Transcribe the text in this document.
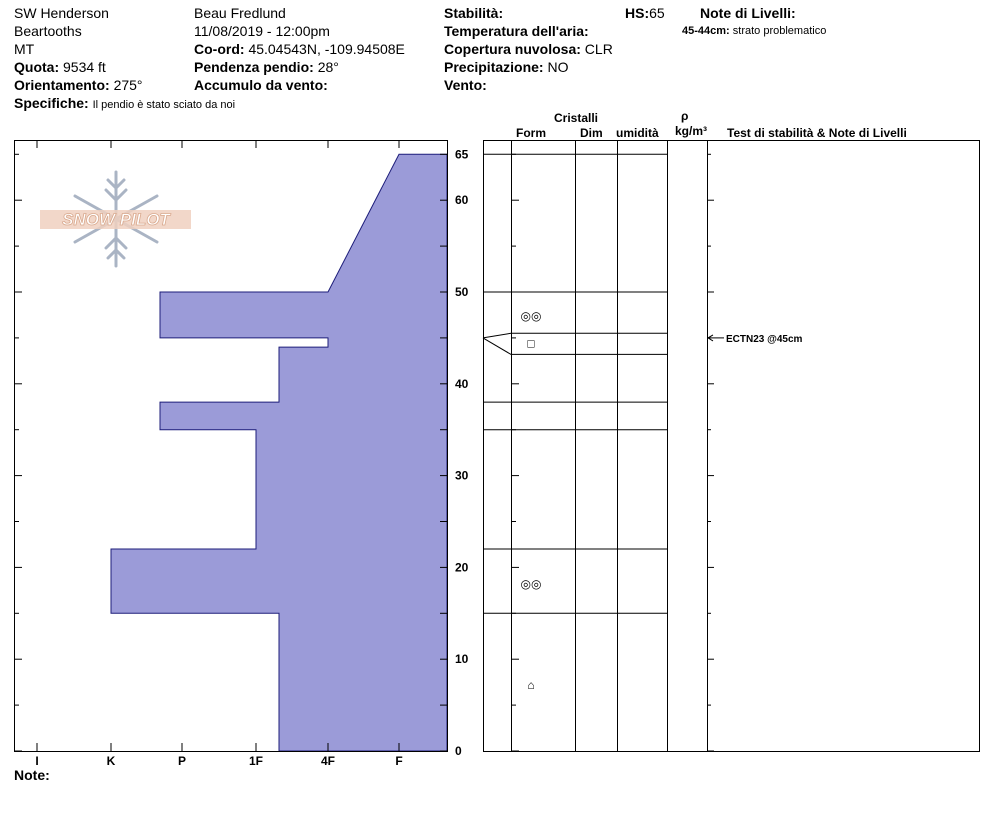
SW Henderson
Beartooths
MT
Quota: 9534 ft
Orientamento: 275°
Specifiche: Il pendio è stato sciato da noi
Beau Fredlund
11/08/2019 - 12:00pm
Co-ord: 45.04543N, -109.94508E
Pendenza pendio: 28°
Accumulo da vento:
Stabilità:
Temperatura dell'aria:
Copertura nuvolosa: CLR
Precipitazione: NO
Vento:
HS:65	Note di Livelli:
45-44cm: strato problematico
Cristalli
Form	Dim umidità
ρ
kg/m³ Test di stabilità & Note di Livelli
SNOW PILOT
◎◎
□
◎◎
⌂
ECTN23 @45cm
I	K	P	1F	4F	F
0
10
20
30
40
50
60
65
Note:
